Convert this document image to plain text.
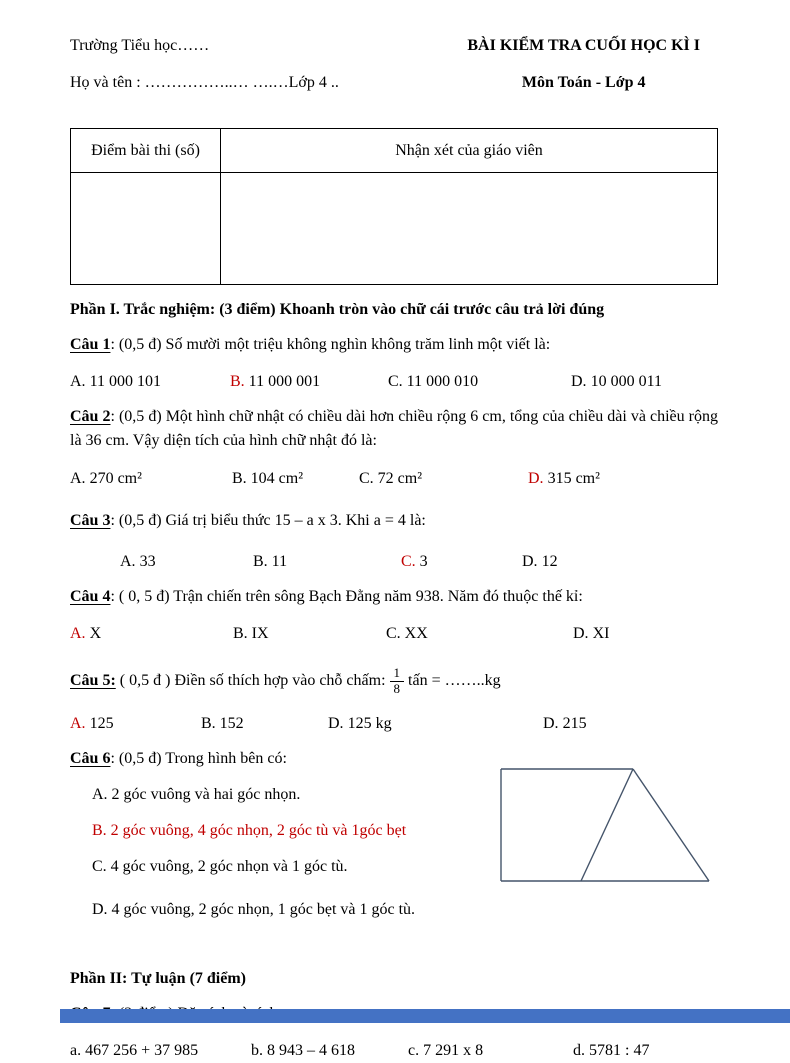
Trường Tiểu học……

Họ và tên : ……………..… ….…Lớp 4 ..

BÀI KIỂM TRA CUỐI HỌC KÌ I

Môn Toán - Lớp 4

Điểm bài thi (số)	Nhận xét của giáo viên

Phần I. Trắc nghiệm: (3 điểm) Khoanh tròn vào chữ cái trước câu trả lời đúng

Câu 1: (0,5 đ) Số mười một triệu không nghìn không trăm linh một viết là:

A. 11 000 101	B. 11 000 001	C. 11 000 010	D. 10 000 011

Câu 2: (0,5 đ) Một hình chữ nhật có chiều dài hơn chiều rộng 6 cm, tổng của chiều dài và chiều rộng là 36 cm. Vậy diện tích của hình chữ nhật đó là:

A. 270 cm²	B. 104 cm²	C. 72 cm²	D. 315 cm²

Câu 3: (0,5 đ) Giá trị biểu thức 15 – a x 3. Khi a = 4 là:

A. 33	B. 11	C. 3	D. 12

Câu 4: ( 0, 5 đ) Trận chiến trên sông Bạch Đằng năm 938. Năm đó thuộc thế kỉ:

A. X	B. IX	C. XX	D. XI

Câu 5: ( 0,5 đ ) Điền số thích hợp vào chỗ chấm: $\frac{1}{8}$ tấn = ……..kg

A. 125	B. 152	D. 125 kg	D. 215

Câu 6: (0,5 đ) Trong hình bên có:

A. 2 góc vuông và hai góc nhọn.

B. 2 góc vuông, 4 góc nhọn, 2 góc tù và 1góc bẹt

C. 4 góc vuông, 2 góc nhọn và 1 góc tù.

D. 4 góc vuông, 2 góc nhọn, 1 góc bẹt và 1 góc tù.

Phần II: Tự luận (7 điểm)

a. 467 256 + 37 985	b. 8 943 – 4 618	c. 7 291 x 8	d. 5781 : 47
